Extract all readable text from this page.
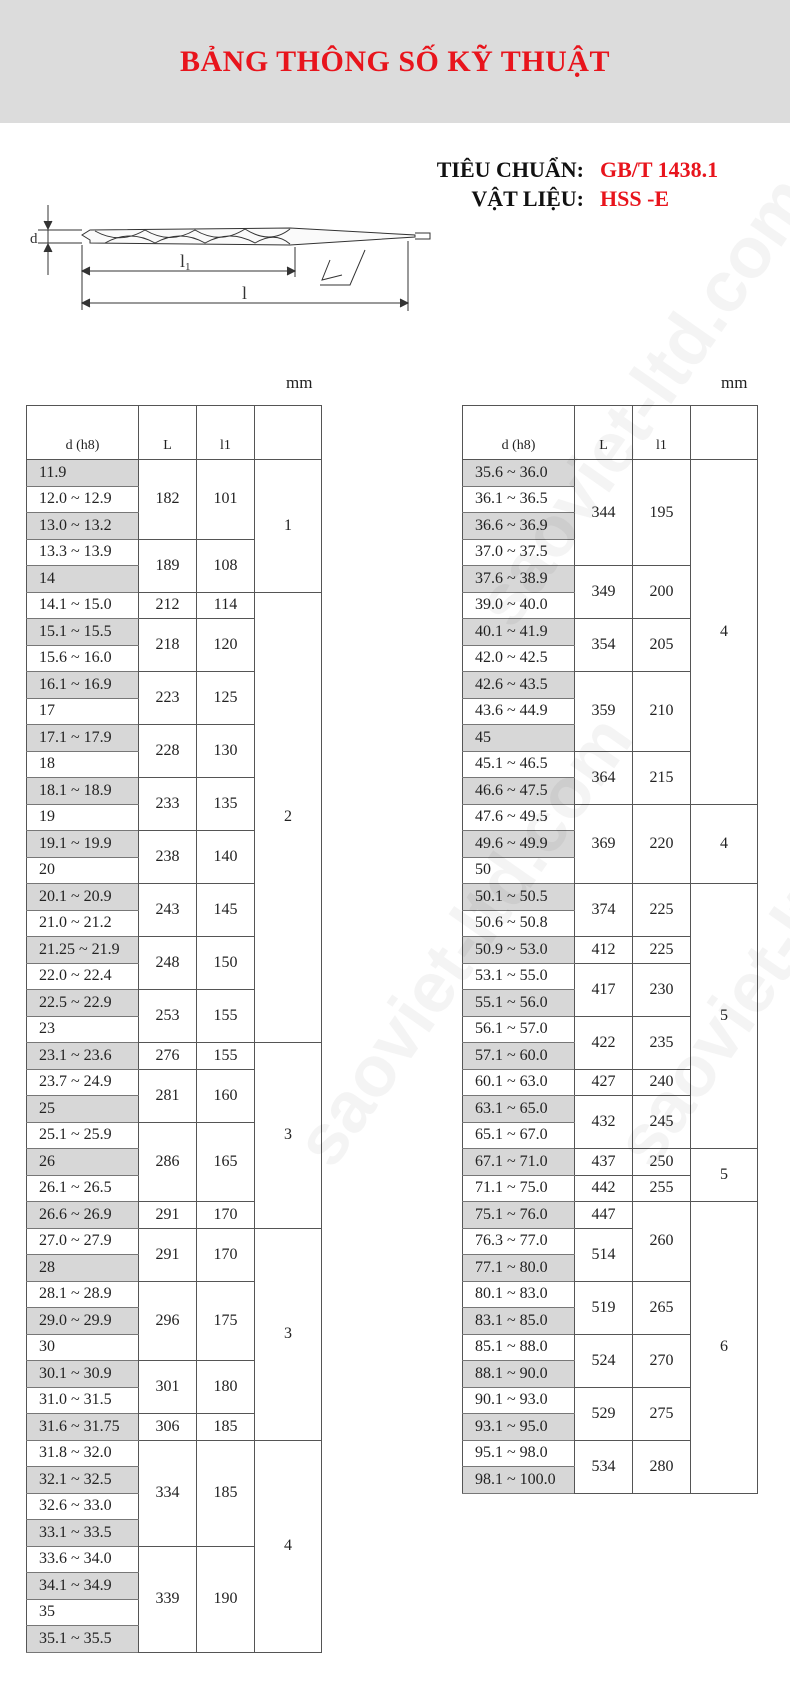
BẢNG THÔNG SỐ KỸ THUẬT
TIÊU CHUẨN: GB/T 1438.1
VẬT LIỆU: HSS -E
d
l1
l
mm	mm
d (h8)	L	l1	
11.9	182	101	1
12.0 ~ 12.9			
13.0 ~ 13.2			
13.3 ~ 13.9	189	108	
14			
14.1 ~ 15.0	212	114	2
15.1 ~ 15.5	218	120	
15.6 ~ 16.0			
16.1 ~ 16.9	223	125	
17			
17.1 ~ 17.9	228	130	
18			
18.1 ~ 18.9	233	135	
19			
19.1 ~ 19.9	238	140	
20			
20.1 ~ 20.9	243	145	
21.0 ~ 21.2			
21.25 ~ 21.9	248	150	
22.0 ~ 22.4			
22.5 ~ 22.9	253	155	
23			
23.1 ~ 23.6	276	155	3
23.7 ~ 24.9	281	160	
25			
25.1 ~ 25.9	286	165	
26			
26.1 ~ 26.5			
26.6 ~ 26.9	291	170	
27.0 ~ 27.9	291	170	3
28			
28.1 ~ 28.9	296	175	
29.0 ~ 29.9			
30			
30.1 ~ 30.9	301	180	
31.0 ~ 31.5			
31.6 ~ 31.75	306	185	
31.8 ~ 32.0	334	185	4
32.1 ~ 32.5			
32.6 ~ 33.0			
33.1 ~ 33.5			
33.6 ~ 34.0	339	190	
34.1 ~ 34.9			
35			
35.1 ~ 35.5			
d (h8)	L	l1	
35.6 ~ 36.0	344	195	4
36.1 ~ 36.5			
36.6 ~ 36.9			
37.0 ~ 37.5			
37.6 ~ 38.9	349	200	
39.0 ~ 40.0			
40.1 ~ 41.9	354	205	
42.0 ~ 42.5			
42.6 ~ 43.5	359	210	
43.6 ~ 44.9			
45			
45.1 ~ 46.5	364	215	
46.6 ~ 47.5			
47.6 ~ 49.5	369	220	4
49.6 ~ 49.9			
50			
50.1 ~ 50.5	374	225	5
50.6 ~ 50.8			
50.9 ~ 53.0	412	225	
53.1 ~ 55.0	417	230	
55.1 ~ 56.0			
56.1 ~ 57.0	422	235	
57.1 ~ 60.0			
60.1 ~ 63.0	427	240	
63.1 ~ 65.0	432	245	
65.1 ~ 67.0			
67.1 ~ 71.0	437	250	5
71.1 ~ 75.0	442	255	
75.1 ~ 76.0	447	260	6
76.3 ~ 77.0	514		
77.1 ~ 80.0			
80.1 ~ 83.0	519	265	
83.1 ~ 85.0			
85.1 ~ 88.0	524	270	
88.1 ~ 90.0			
90.1 ~ 93.0	529	275	
93.1 ~ 95.0			
95.1 ~ 98.0	534	280	
98.1 ~ 100.0			
